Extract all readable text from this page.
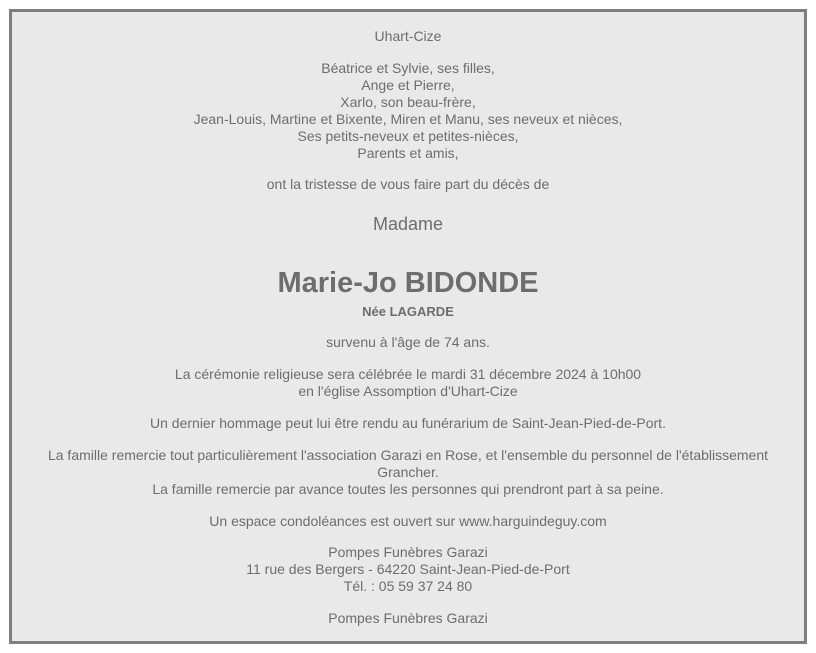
Uhart-Cize
Béatrice et Sylvie, ses filles,
Ange et Pierre,
Xarlo, son beau-frère,
Jean-Louis, Martine et Bixente, Miren et Manu, ses neveux et nièces,
Ses petits-neveux et petites-nièces,
Parents et amis,
ont la tristesse de vous faire part du décès de
Madame
Marie-Jo BIDONDE
Née LAGARDE
survenu à l'âge de 74 ans.
La cérémonie religieuse sera célébrée le mardi 31 décembre 2024 à 10h00
en l'église Assomption d'Uhart-Cize
Un dernier hommage peut lui être rendu au funérarium de Saint-Jean-Pied-de-Port.
La famille remercie tout particulièrement l'association Garazi en Rose, et l'ensemble du personnel de l'établissement Grancher.
La famille remercie par avance toutes les personnes qui prendront part à sa peine.
Un espace condoléances est ouvert sur www.harguindeguy.com
Pompes Funèbres Garazi
11 rue des Bergers - 64220 Saint-Jean-Pied-de-Port
Tél. : 05 59 37 24 80
Pompes Funèbres Garazi
